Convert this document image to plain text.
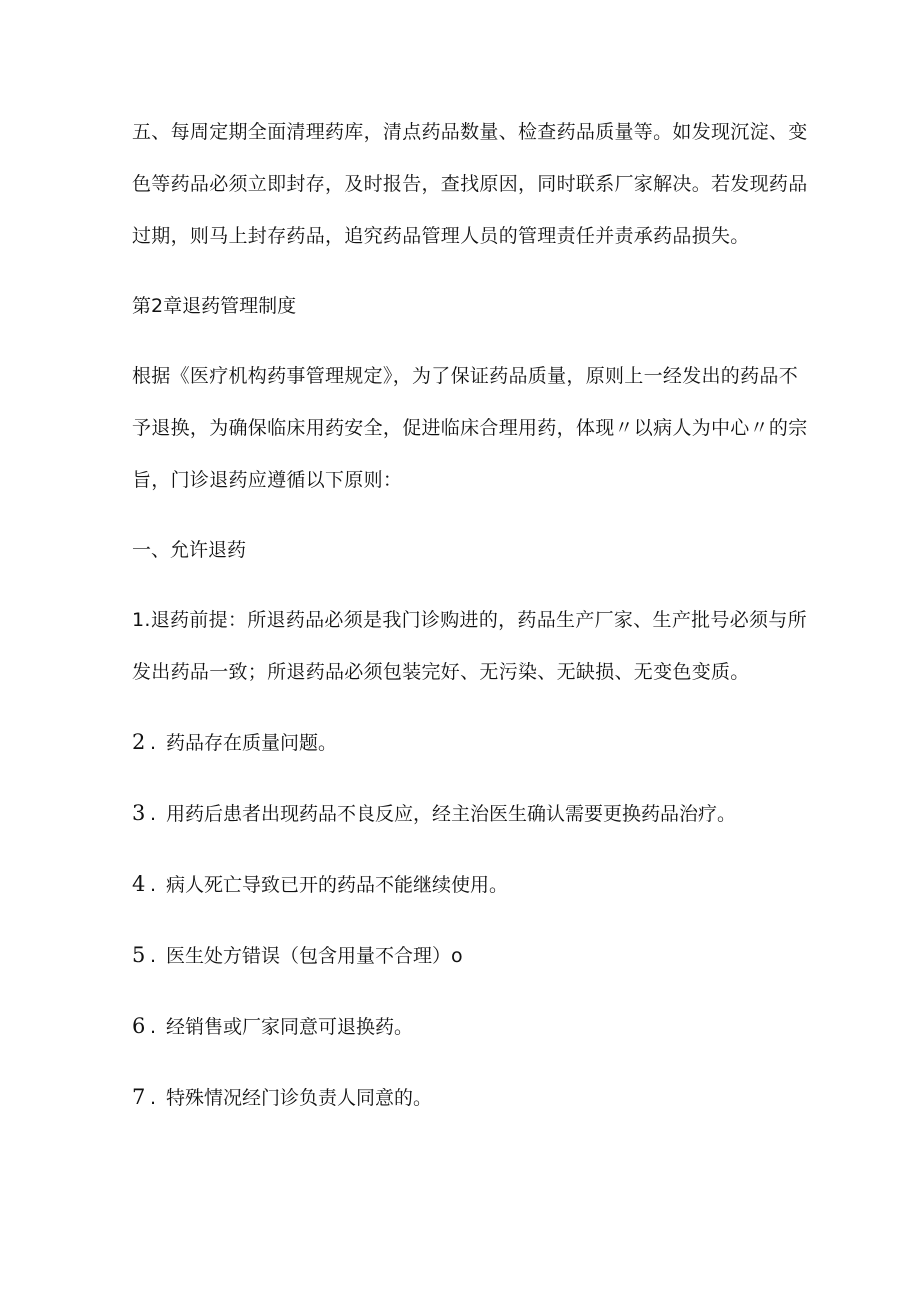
五、每周定期全面清理药库，清点药品数量、检查药品质量等。如发现沉淀、变色等药品必须立即封存，及时报告，查找原因，同时联系厂家解决。若发现药品过期，则马上封存药品，追究药品管理人员的管理责任并责承药品损失。

第2章退药管理制度

根据《医疗机构药事管理规定》，为了保证药品质量，原则上一经发出的药品不予退换，为确保临床用药安全，促进临床合理用药，体现〃以病人为中心〃的宗旨，门诊退药应遵循以下原则：

一、允许退药

1.退药前提：所退药品必须是我门诊购进的，药品生产厂家、生产批号必须与所发出药品一致；所退药品必须包装完好、无污染、无缺损、无变色变质。

2 . 药品存在质量问题。

3 . 用药后患者出现药品不良反应，经主治医生确认需要更换药品治疗。

4 . 病人死亡导致已开的药品不能继续使用。

5 . 医生处方错误（包含用量不合理）o

6 . 经销售或厂家同意可退换药。

7 . 特殊情况经门诊负责人同意的。
